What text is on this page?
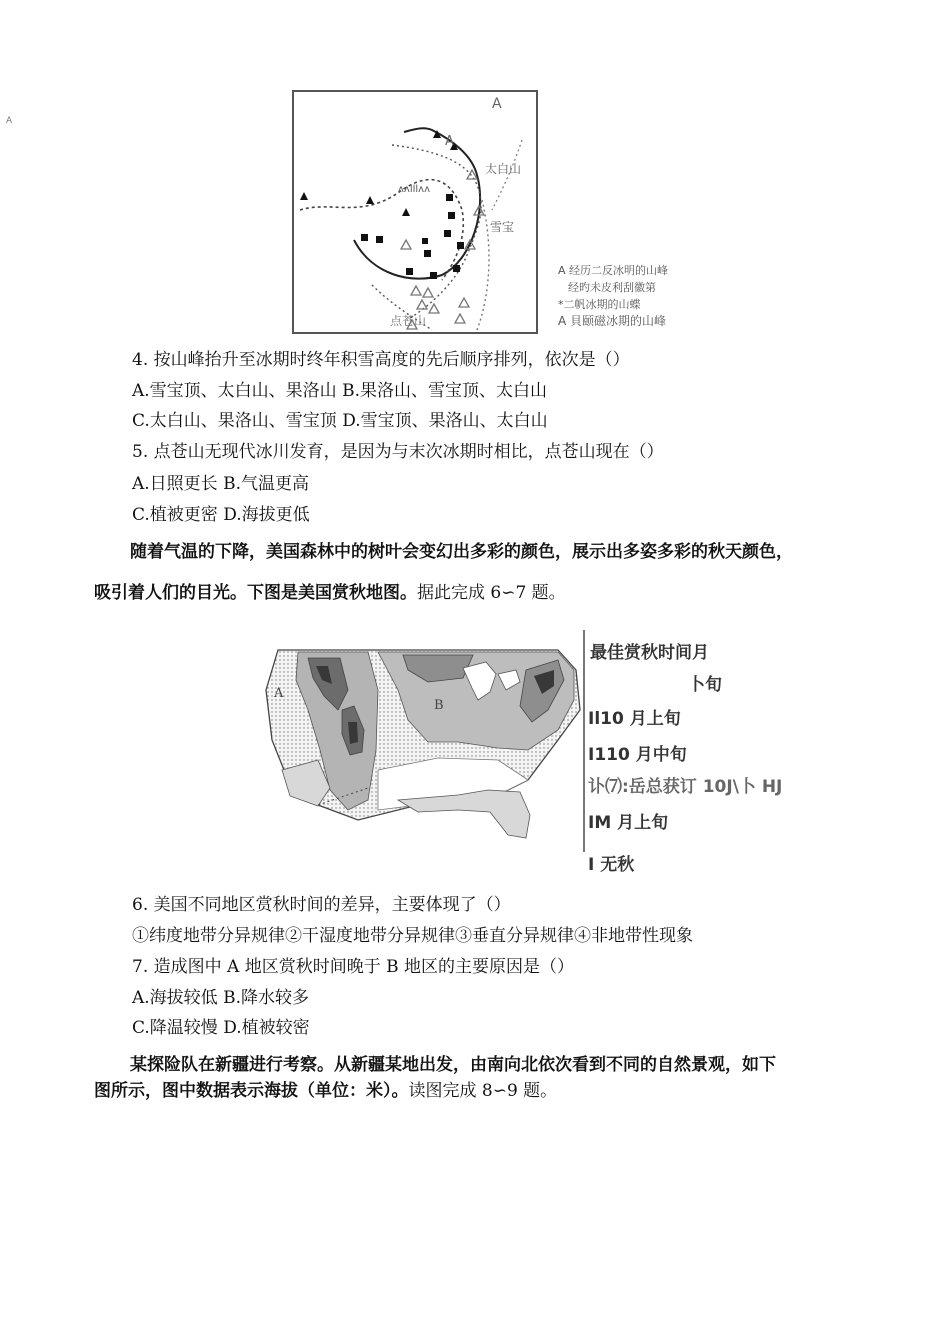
A
A
A
太白山
ʌʌlllʌʌ
雪宝
点苍山
A 经历二反冰明的山峰
经旳未皮利刮徽第
*二帆冰期的山蝶
A 貝颐磁冰期的山峰
4. 按山峰抬升至冰期时终年积雪高度的先后顺序排列，依次是（）
A.雪宝顶、太白山、果洛山 B.果洛山、雪宝顶、太白山
C.太白山、果洛山、雪宝顶 D.雪宝顶、果洛山、太白山
5. 点苍山无现代冰川发育，是因为与末次冰期时相比，点苍山现在（）
A.日照更长 B.气温更高
C.植被更密 D.海拔更低
随着气温的下降，美国森林中的树叶会变幻出多彩的颜色，展示出多姿多彩的秋天颜色，
吸引着人们的目光。下图是美国赏秋地图。据此完成 6∽7 题。
A
B
最佳赏秋时间月
卜旬
Il10 月上旬
I110 月中旬
讣⑺:岳总获订 10J\卜 HJ
IM 月上旬
I 无秋
6. 美国不同地区赏秋时间的差异，主要体现了（）
①纬度地带分异规律②干湿度地带分异规律③垂直分异规律④非地带性现象
7. 造成图中 A 地区赏秋时间晚于 B 地区的主要原因是（）
A.海拔较低 B.降水较多
C.降温较慢 D.植被较密
某探险队在新疆进行考察。从新疆某地出发，由南向北依次看到不同的自然景观，如下
图所示，图中数据表示海拔（单位：米）。读图完成 8∽9 题。
